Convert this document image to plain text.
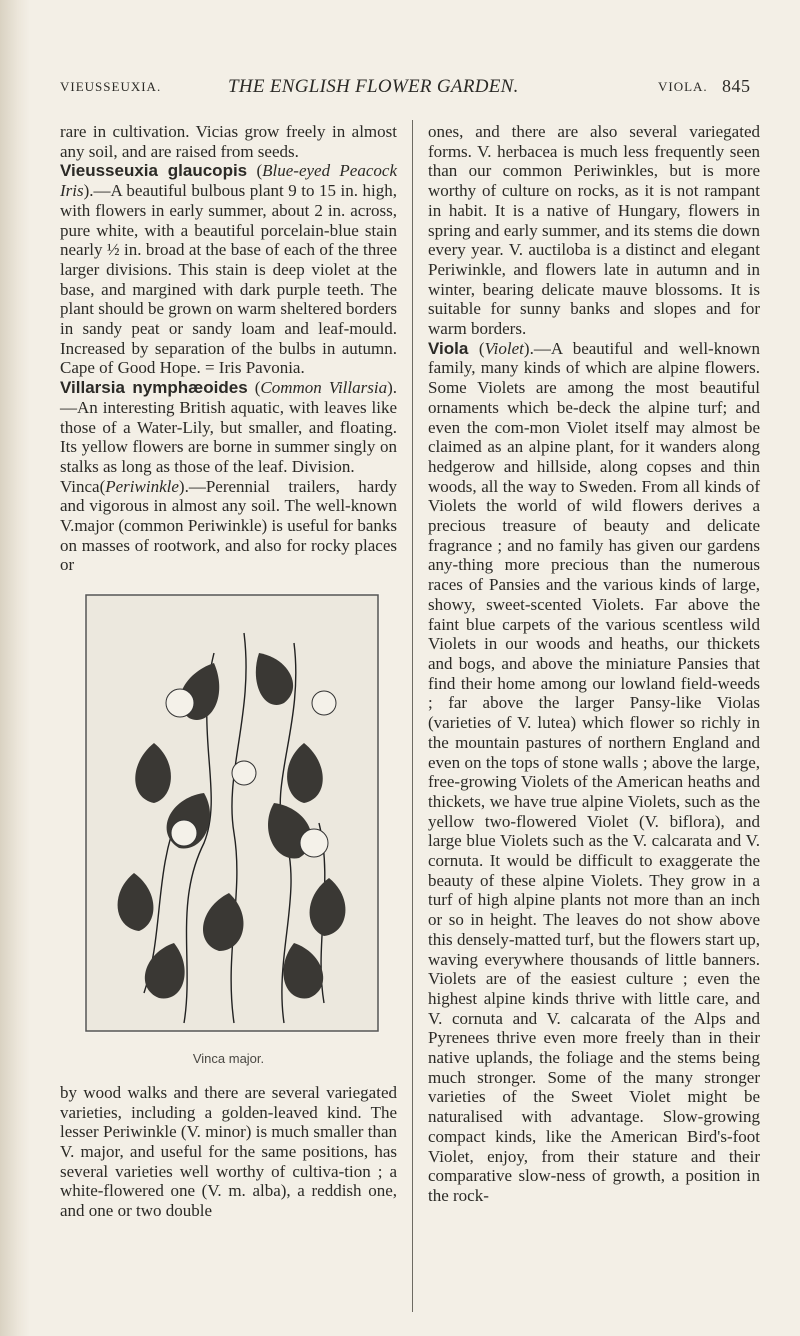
VIEUSSEUXIA.	THE ENGLISH FLOWER GARDEN.	VIOLA. 845

rare in cultivation. Vicias grow freely in almost any soil, and are raised from seeds.

Vieusseuxia glaucopis (Blue-eyed Peacock Iris).—A beautiful bulbous plant 9 to 15 in. high, with flowers in early summer, about 2 in. across, pure white, with a beautiful porcelain-blue stain nearly ½ in. broad at the base of each of the three larger divisions. This stain is deep violet at the base, and margined with dark purple teeth. The plant should be grown on warm sheltered borders in sandy peat or sandy loam and leaf-mould. Increased by separation of the bulbs in autumn. Cape of Good Hope. = Iris Pavonia.

Villarsia nymphæoides (Common Villarsia).—An interesting British aquatic, with leaves like those of a Water-Lily, but smaller, and floating. Its yellow flowers are borne in summer singly on stalks as long as those of the leaf. Division.

Vinca(Periwinkle).—Perennial trailers, hardy and vigorous in almost any soil. The well-known V.major (common Periwinkle) is useful for banks on masses of rootwork, and also for rocky places or

Vinca major.

by wood walks and there are several variegated varieties, including a golden-leaved kind. The lesser Periwinkle (V. minor) is much smaller than V. major, and useful for the same positions, has several varieties well worthy of cultiva-tion ; a white-flowered one (V. m. alba), a reddish one, and one or two double

ones, and there are also several variegated forms. V. herbacea is much less frequently seen than our common Periwinkles, but is more worthy of culture on rocks, as it is not rampant in habit. It is a native of Hungary, flowers in spring and early summer, and its stems die down every year. V. auctiloba is a distinct and elegant Periwinkle, and flowers late in autumn and in winter, bearing delicate mauve blossoms. It is suitable for sunny banks and slopes and for warm borders.

Viola (Violet).—A beautiful and well-known family, many kinds of which are alpine flowers. Some Violets are among the most beautiful ornaments which be-deck the alpine turf; and even the com-mon Violet itself may almost be claimed as an alpine plant, for it wanders along hedgerow and hillside, along copses and thin woods, all the way to Sweden. From all kinds of Violets the world of wild flowers derives a precious treasure of beauty and delicate fragrance ; and no family has given our gardens any-thing more precious than the numerous races of Pansies and the various kinds of large, showy, sweet-scented Violets. Far above the faint blue carpets of the various scentless wild Violets in our woods and heaths, our thickets and bogs, and above the miniature Pansies that find their home among our lowland field-weeds ; far above the larger Pansy-like Violas (varieties of V. lutea) which flower so richly in the mountain pastures of northern England and even on the tops of stone walls ; above the large, free-growing Violets of the American heaths and thickets, we have true alpine Violets, such as the yellow two-flowered Violet (V. biflora), and large blue Violets such as the V. calcarata and V. cornuta. It would be difficult to exaggerate the beauty of these alpine Violets. They grow in a turf of high alpine plants not more than an inch or so in height. The leaves do not show above this densely-matted turf, but the flowers start up, waving everywhere thousands of little banners. Violets are of the easiest culture ; even the highest alpine kinds thrive with little care, and V. cornuta and V. calcarata of the Alps and Pyrenees thrive even more freely than in their native uplands, the foliage and the stems being much stronger. Some of the many stronger varieties of the Sweet Violet might be naturalised with advantage. Slow-growing compact kinds, like the American Bird's-foot Violet, enjoy, from their stature and their comparative slow-ness of growth, a position in the rock-
